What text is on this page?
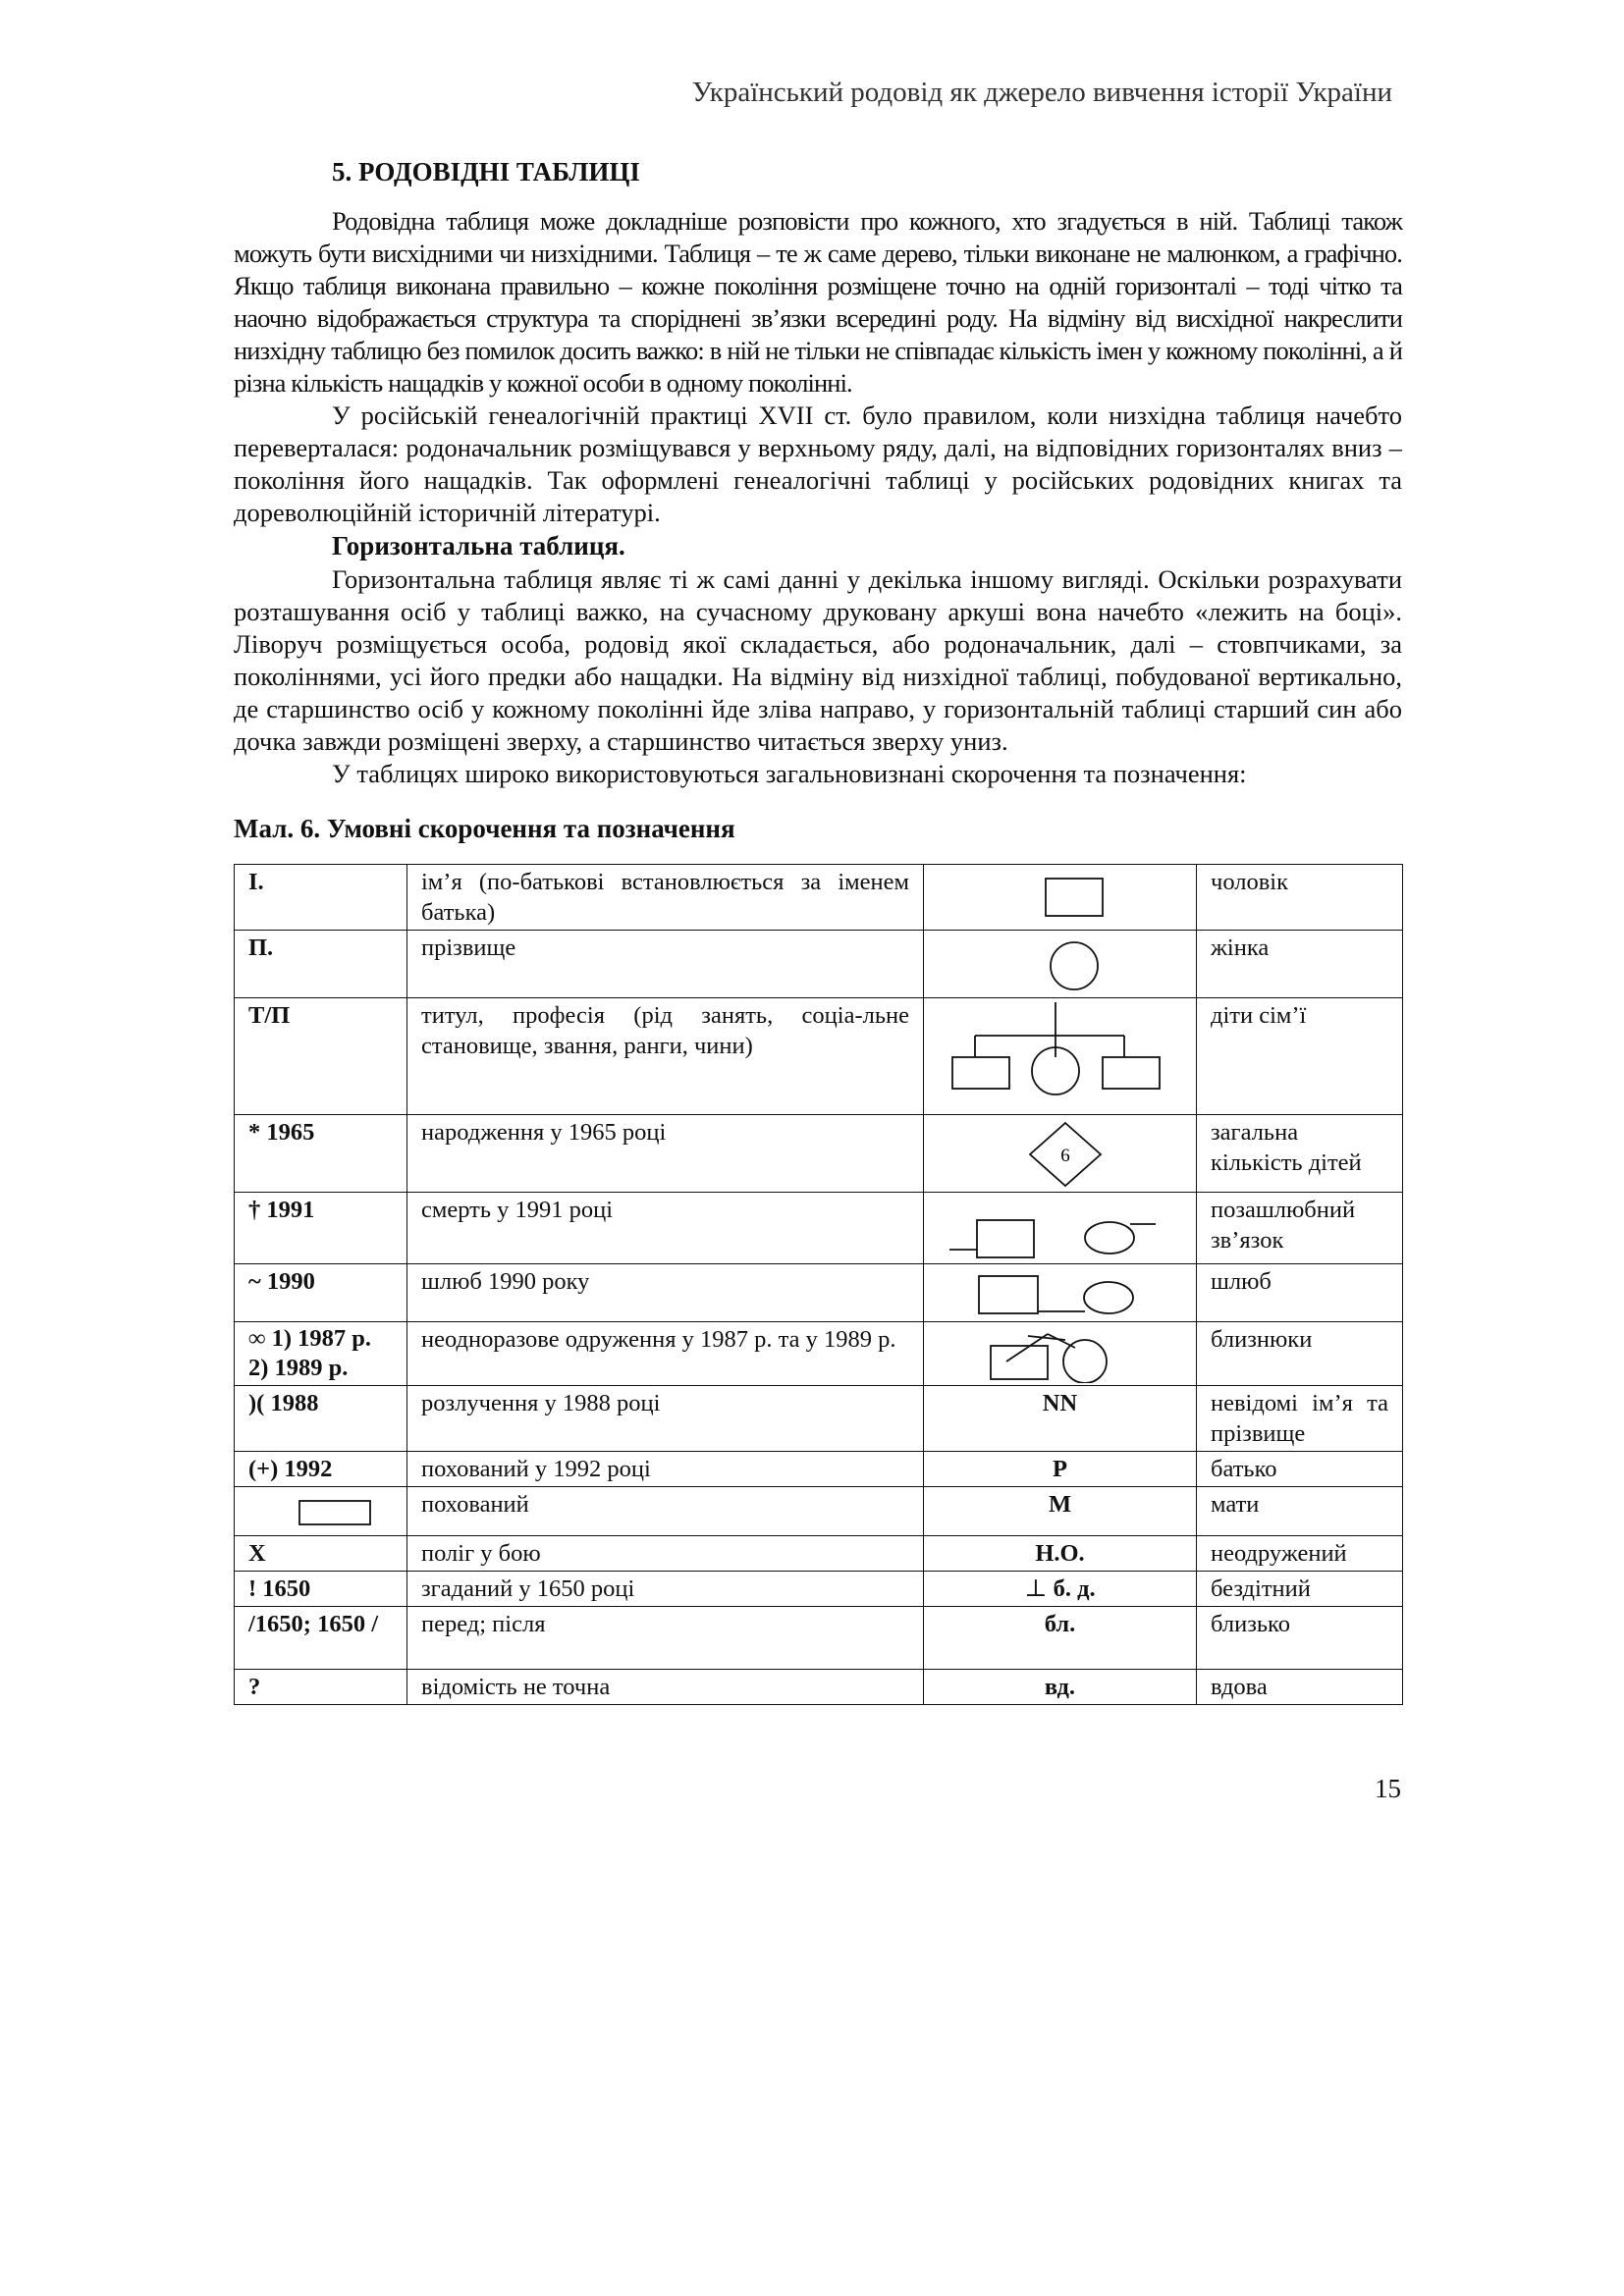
Український родовід як джерело вивчення історії України
5. РОДОВІДНІ ТАБЛИЦІ

Родовідна таблиця може докладніше розповісти про кожного, хто згадується в ній. Таблиці також можуть бути висхідними чи низхідними. Таблиця – те ж саме дерево, тільки виконане не малюнком, а графічно. Якщо таблиця виконана правильно – кожне покоління розміщене точно на одній горизонталі – тоді чітко та наочно відображається структура та споріднені зв’язки всередині роду. На відміну від висхідної накреслити низхідну таблицю без помилок досить важко: в ній не тільки не співпадає кількість імен у кожному поколінні, а й різна кількість нащадків у кожної особи в одному поколінні.

У російській генеалогічній практиці XVII ст. було правилом, коли низхідна таблиця начебто переверталася: родоначальник розміщувався у верхньому ряду, далі, на відповідних горизонталях вниз – покоління його нащадків. Так оформлені генеалогічні таблиці у російських родовідних книгах та дореволюційній історичній літературі.

Горизонтальна таблиця.

Горизонтальна таблиця являє ті ж самі данні у декілька іншому вигляді. Оскільки розрахувати розташування осіб у таблиці важко, на сучасному друковану аркуші вона начебто «лежить на боці». Ліворуч розміщується особа, родовід якої складається, або родоначальник, далі – стовпчиками, за поколіннями, усі його предки або нащадки. На відміну від низхідної таблиці, побудованої вертикально, де старшинство осіб у кожному поколінні йде зліва направо, у горизонтальній таблиці старший син або дочка завжди розміщені зверху, а старшинство читається зверху униз.

У таблицях широко використовуються загальновизнані скорочення та позначення:

Мал. 6. Умовні скорочення та позначення
І.	ім’я (по-батькові встановлюється за іменем батька)		чоловік
П.	прізвище		жінка
Т/П	титул, професія (рід занять, соціа-льне становище, звання, ранги, чини)		діти сім’ї
* 1965	народження у 1965 році	6	загальна кількість дітей
† 1991	смерть у 1991 році		позашлюбний зв’язок
~ 1990	шлюб 1990 року		шлюб
∞ 1) 1987 р.
2) 1989 р.	неодноразове одруження у 1987 р. та у 1989 р.		близнюки
)( 1988	розлучення у 1988 році	NN	невідомі ім’я та прізвище
(+) 1992	похований у 1992 році	Р	батько

	похований	М	мати
Х	поліг у бою	Н.О.	неодружений
! 1650	згаданий у 1650 році	⊥ б. д.	бездітний
/1650; 1650 /	перед; після	бл.	близько
?	відомість не точна	вд.	вдова
15
